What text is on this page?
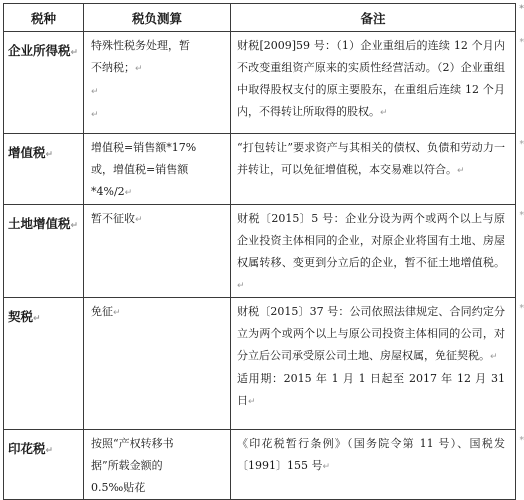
税种	税负测算	备注
*

企业所得税↵	特殊性税务处理，暂
不纳税；↵
↵
↵	财税[2009]59 号：（1）企业重组后的连续 12 个月内不改变重组资产原来的实质性经营活动。（2）企业重组中取得股权支付的原主要股东，在重组后连续 12 个月内，不得转让所取得的股权。↵
*

增值税↵	增值税=销售额*17%
或，增值税=销售额
*4%/2↵	“打包转让”要求资产与其相关的债权、负债和劳动力一并转让，可以免征增值税，本交易难以符合。↵
*

土地增值税↵	暂不征收↵	财税〔2015〕5 号：企业分设为两个或两个以上与原企业投资主体相同的企业，对原企业将国有土地、房屋权属转移、变更到分立后的企业，暂不征土地增值税。↵
*

契税↵	免征↵	财税〔2015〕37 号：公司依照法律规定、合同约定分立为两个或两个以上与原公司投资主体相同的公司，对分立后公司承受原公司土地、房屋权属，免征契税。↵
适用期：2015 年 1 月 1 日起至 2017 年 12 月 31 日↵
*

印花税↵	按照“产权转移书
据”所载金额的
0.5‰贴花	《印花税暂行条例》（国务院令第 11 号）、国税发〔1991〕155 号↵
*
